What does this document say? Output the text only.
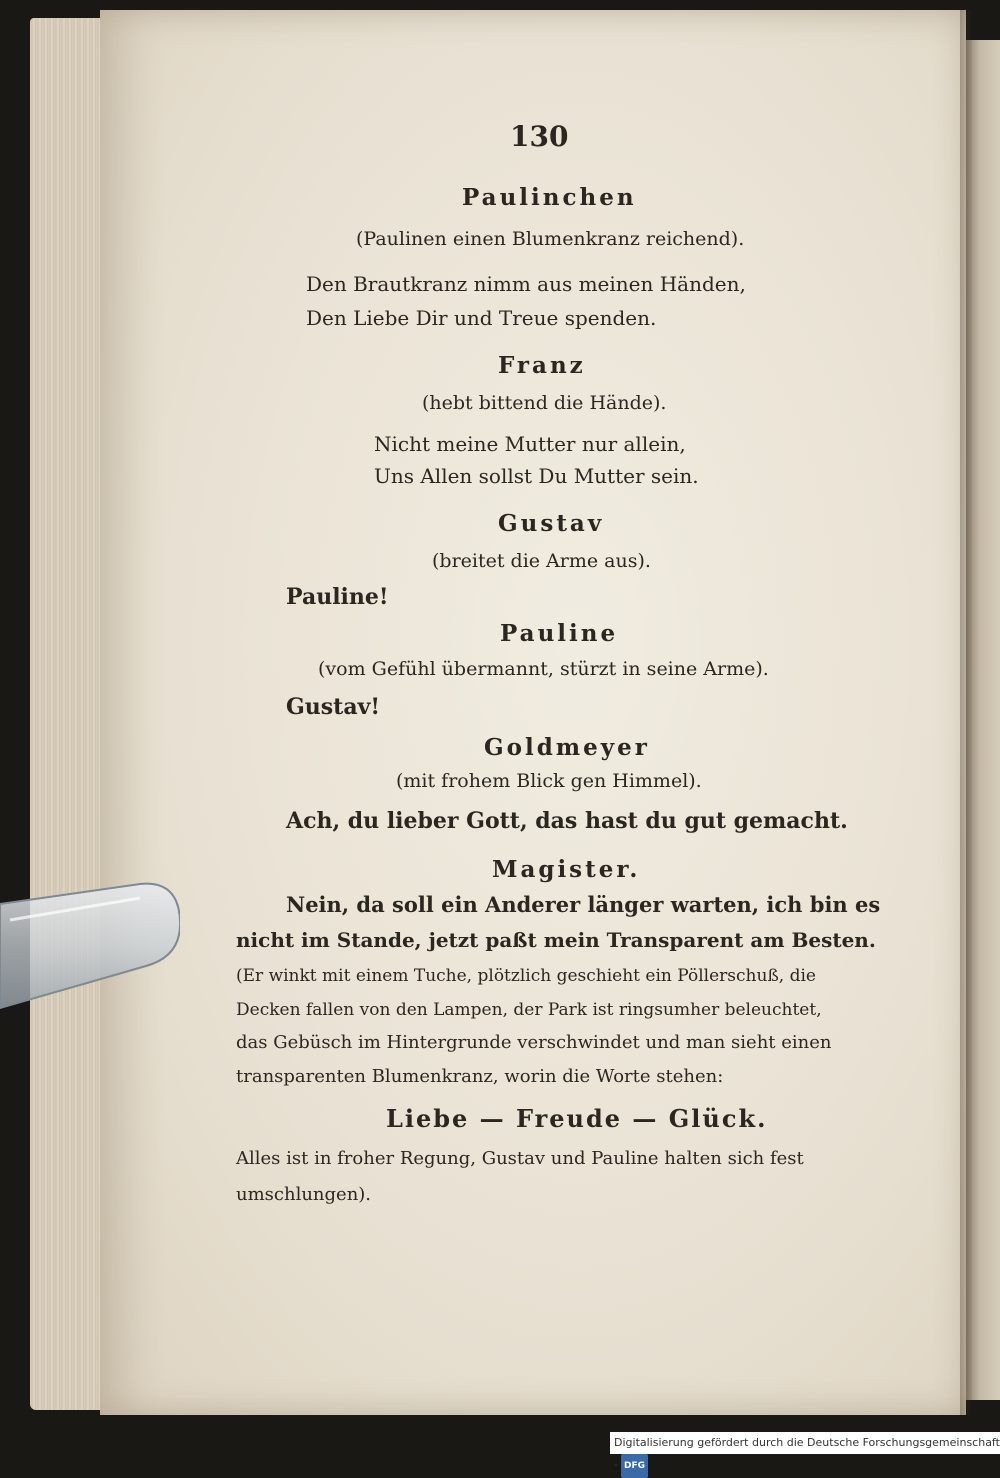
130
Paulinchen
(Paulinen einen Blumenkranz reichend).
Den Brautkranz nimm aus meinen Händen,
Den Liebe Dir und Treue spenden.
Franz
(hebt bittend die Hände).
Nicht meine Mutter nur allein,
Uns Allen sollst Du Mutter sein.
Gustav
(breitet die Arme aus).
Pauline!
Pauline
(vom Gefühl übermannt, stürzt in seine Arme).
Gustav!
Goldmeyer
(mit frohem Blick gen Himmel).
Ach, du lieber Gott, das hast du gut gemacht.
Magister.
Nein, da soll ein Anderer länger warten, ich bin es
nicht im Stande, jetzt paßt mein Transparent am Besten.
(Er winkt mit einem Tuche, plötzlich geschieht ein Pöllerschuß, die
Decken fallen von den Lampen, der Park ist ringsumher beleuchtet,
das Gebüsch im Hintergrunde verschwindet und man sieht einen
transparenten Blumenkranz, worin die Worte stehen:
Liebe — Freude — Glück.
Alles ist in froher Regung, Gustav und Pauline halten sich fest
umschlungen).
Digitalisierung gefördert durch die Deutsche Forschungsgemeinschaft - DFG
